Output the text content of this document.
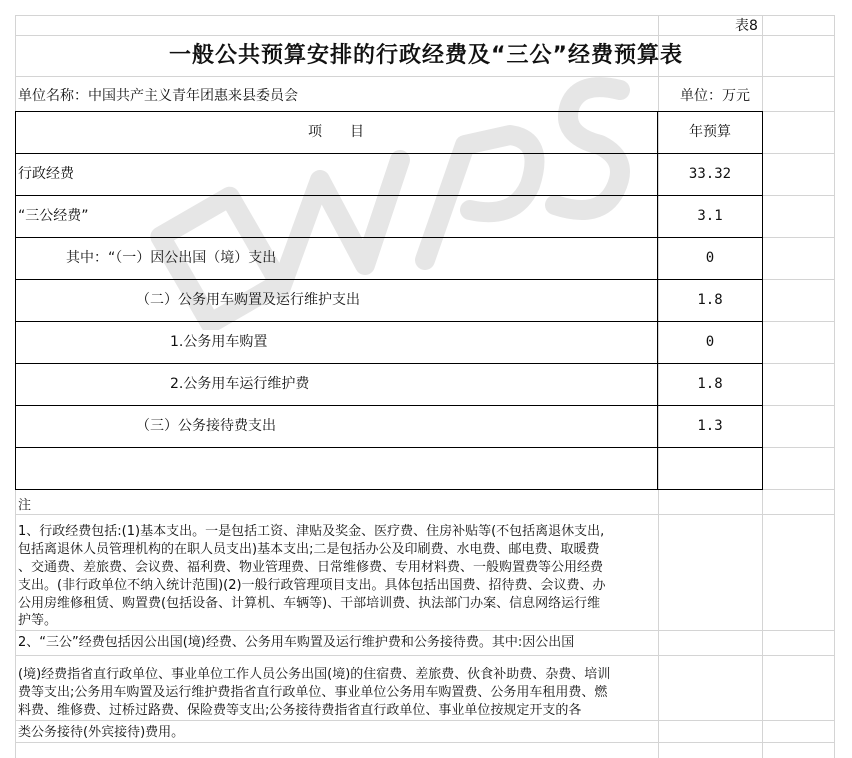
表8
一般公共预算安排的行政经费及“三公”经费预算表
单位名称：中国共产主义青年团惠来县委员会	单位：万元
项　　目	年预算
行政经费	33.32
“三公经费”	3.1
其中：“（一）因公出国（境）支出	0
（二）公务用车购置及运行维护支出	1.8
1.公务用车购置	0
2.公务用车运行维护费	1.8
（三）公务接待费支出	1.3
注
1、行政经费包括:(1)基本支出。一是包括工资、津贴及奖金、医疗费、住房补贴等(不包括离退休支出,
包括离退休人员管理机构的在职人员支出)基本支出;二是包括办公及印刷费、水电费、邮电费、取暖费
、交通费、差旅费、会议费、福利费、物业管理费、日常维修费、专用材料费、一般购置费等公用经费
支出。(非行政单位不纳入统计范围)(2)一般行政管理项目支出。具体包括出国费、招待费、会议费、办
公用房维修租赁、购置费(包括设备、计算机、车辆等)、干部培训费、执法部门办案、信息网络运行维
护等。
2、“三公”经费包括因公出国(境)经费、公务用车购置及运行维护费和公务接待费。其中:因公出国
(境)经费指省直行政单位、事业单位工作人员公务出国(境)的住宿费、差旅费、伙食补助费、杂费、培训
费等支出;公务用车购置及运行维护费指省直行政单位、事业单位公务用车购置费、公务用车租用费、燃
料费、维修费、过桥过路费、保险费等支出;公务接待费指省直行政单位、事业单位按规定开支的各
类公务接待(外宾接待)费用。
